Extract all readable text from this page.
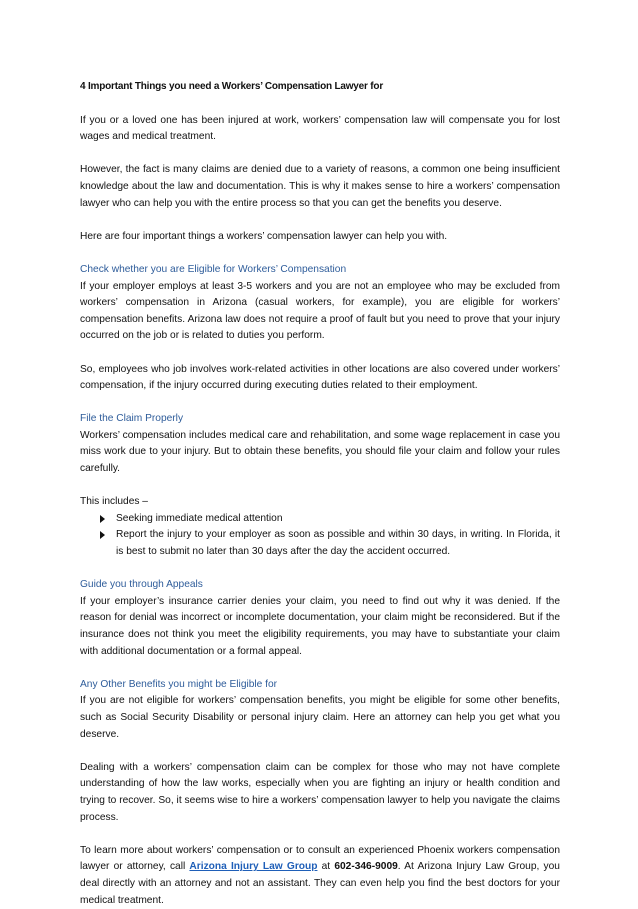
4 Important Things you need a Workers’ Compensation Lawyer for

If you or a loved one has been injured at work, workers’ compensation law will compensate you for lost wages and medical treatment.

However, the fact is many claims are denied due to a variety of reasons, a common one being insufficient knowledge about the law and documentation. This is why it makes sense to hire a workers’ compensation lawyer who can help you with the entire process so that you can get the benefits you deserve.

Here are four important things a workers’ compensation lawyer can help you with.

Check whether you are Eligible for Workers’ Compensation
If your employer employs at least 3-5 workers and you are not an employee who may be excluded from workers’ compensation in Arizona (casual workers, for example), you are eligible for workers’ compensation benefits. Arizona law does not require a proof of fault but you need to prove that your injury occurred on the job or is related to duties you perform.

So, employees who job involves work-related activities in other locations are also covered under workers’ compensation, if the injury occurred during executing duties related to their employment.

File the Claim Properly
Workers’ compensation includes medical care and rehabilitation, and some wage replacement in case you miss work due to your injury. But to obtain these benefits, you should file your claim and follow your rules carefully.
This includes –
Seeking immediate medical attention
Report the injury to your employer as soon as possible and within 30 days, in writing. In Florida, it is best to submit no later than 30 days after the day the accident occurred.
Guide you through Appeals
If your employer’s insurance carrier denies your claim, you need to find out why it was denied. If the reason for denial was incorrect or incomplete documentation, your claim might be reconsidered. But if the insurance does not think you meet the eligibility requirements, you may have to substantiate your claim with additional documentation or a formal appeal.
Any Other Benefits you might be Eligible for
If you are not eligible for workers’ compensation benefits, you might be eligible for some other benefits, such as Social Security Disability or personal injury claim. Here an attorney can help you get what you deserve.

Dealing with a workers’ compensation claim can be complex for those who may not have complete understanding of how the law works, especially when you are fighting an injury or health condition and trying to recover. So, it seems wise to hire a workers’ compensation lawyer to help you navigate the claims process.

To learn more about workers’ compensation or to consult an experienced Phoenix workers compensation lawyer or attorney, call Arizona Injury Law Group at 602-346-9009. At Arizona Injury Law Group, you deal directly with an attorney and not an assistant. They can even help you find the best doctors for your medical treatment.
